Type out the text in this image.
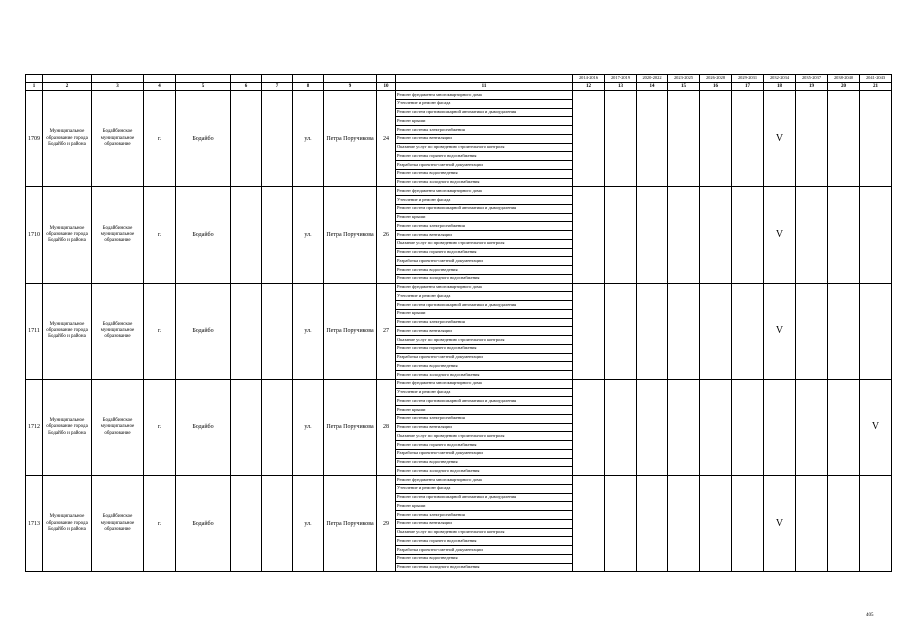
											2014-2016	2017-2019	2020-2022	2023-2025	2026-2028	2029-2031	2032-2034	2035-2037	2038-2040	2041-2043
1	2	3	4	5	6	7	8	9	10	11	12	13	14	15	16	17	18	19	20	21
1709	Муниципальное образование города Бодайбо и района	Бодайбинское муниципальное образование	г.	Бодайбо			ул.	Петра Поручикова	24	Ремонт фундамента многоквартирного дома							V			
										Утепление и ремонт фасада										
										Ремонт систем противопожарной автоматики и дымоудаления										
										Ремонт крыши										
										Ремонт системы электроснабжения										
										Ремонт системы вентиляции										
										Оказание услуг по проведению строительного контроля										
										Ремонт системы горячего водоснабжения										
										Разработка проектно-сметной документации										
										Ремонт системы водоотведения										
										Ремонт системы холодного водоснабжения										
1710	Муниципальное образование города Бодайбо и района	Бодайбинское муниципальное образование	г.	Бодайбо			ул.	Петра Поручикова	26	Ремонт фундамента многоквартирного дома							V			
										Утепление и ремонт фасада										
										Ремонт систем противопожарной автоматики и дымоудаления										
										Ремонт крыши										
										Ремонт системы электроснабжения										
										Ремонт системы вентиляции										
										Оказание услуг по проведению строительного контроля										
										Ремонт системы горячего водоснабжения										
										Разработка проектно-сметной документации										
										Ремонт системы водоотведения										
										Ремонт системы холодного водоснабжения										
1711	Муниципальное образование города Бодайбо и района	Бодайбинское муниципальное образование	г.	Бодайбо			ул.	Петра Поручикова	27	Ремонт фундамента многоквартирного дома							V			
										Утепление и ремонт фасада										
										Ремонт систем противопожарной автоматики и дымоудаления										
										Ремонт крыши										
										Ремонт системы электроснабжения										
										Ремонт системы вентиляции										
										Оказание услуг по проведению строительного контроля										
										Ремонт системы горячего водоснабжения										
										Разработка проектно-сметной документации										
										Ремонт системы водоотведения										
										Ремонт системы холодного водоснабжения										
1712	Муниципальное образование города Бодайбо и района	Бодайбинское муниципальное образование	г.	Бодайбо			ул.	Петра Поручикова	28	Ремонт фундамента многоквартирного дома										V
										Утепление и ремонт фасада										
										Ремонт систем противопожарной автоматики и дымоудаления										
										Ремонт крыши										
										Ремонт системы электроснабжения										
										Ремонт системы вентиляции										
										Оказание услуг по проведению строительного контроля										
										Ремонт системы горячего водоснабжения										
										Разработка проектно-сметной документации										
										Ремонт системы водоотведения										
										Ремонт системы холодного водоснабжения										
1713	Муниципальное образование города Бодайбо и района	Бодайбинское муниципальное образование	г.	Бодайбо			ул.	Петра Поручикова	29	Ремонт фундамента многоквартирного дома							V			
										Утепление и ремонт фасада										
										Ремонт систем противопожарной автоматики и дымоудаления										
										Ремонт крыши										
										Ремонт системы электроснабжения										
										Ремонт системы вентиляции										
										Оказание услуг по проведению строительного контроля										
										Ремонт системы горячего водоснабжения										
										Разработка проектно-сметной документации										
										Ремонт системы водоотведения										
										Ремонт системы холодного водоснабжения										
405
